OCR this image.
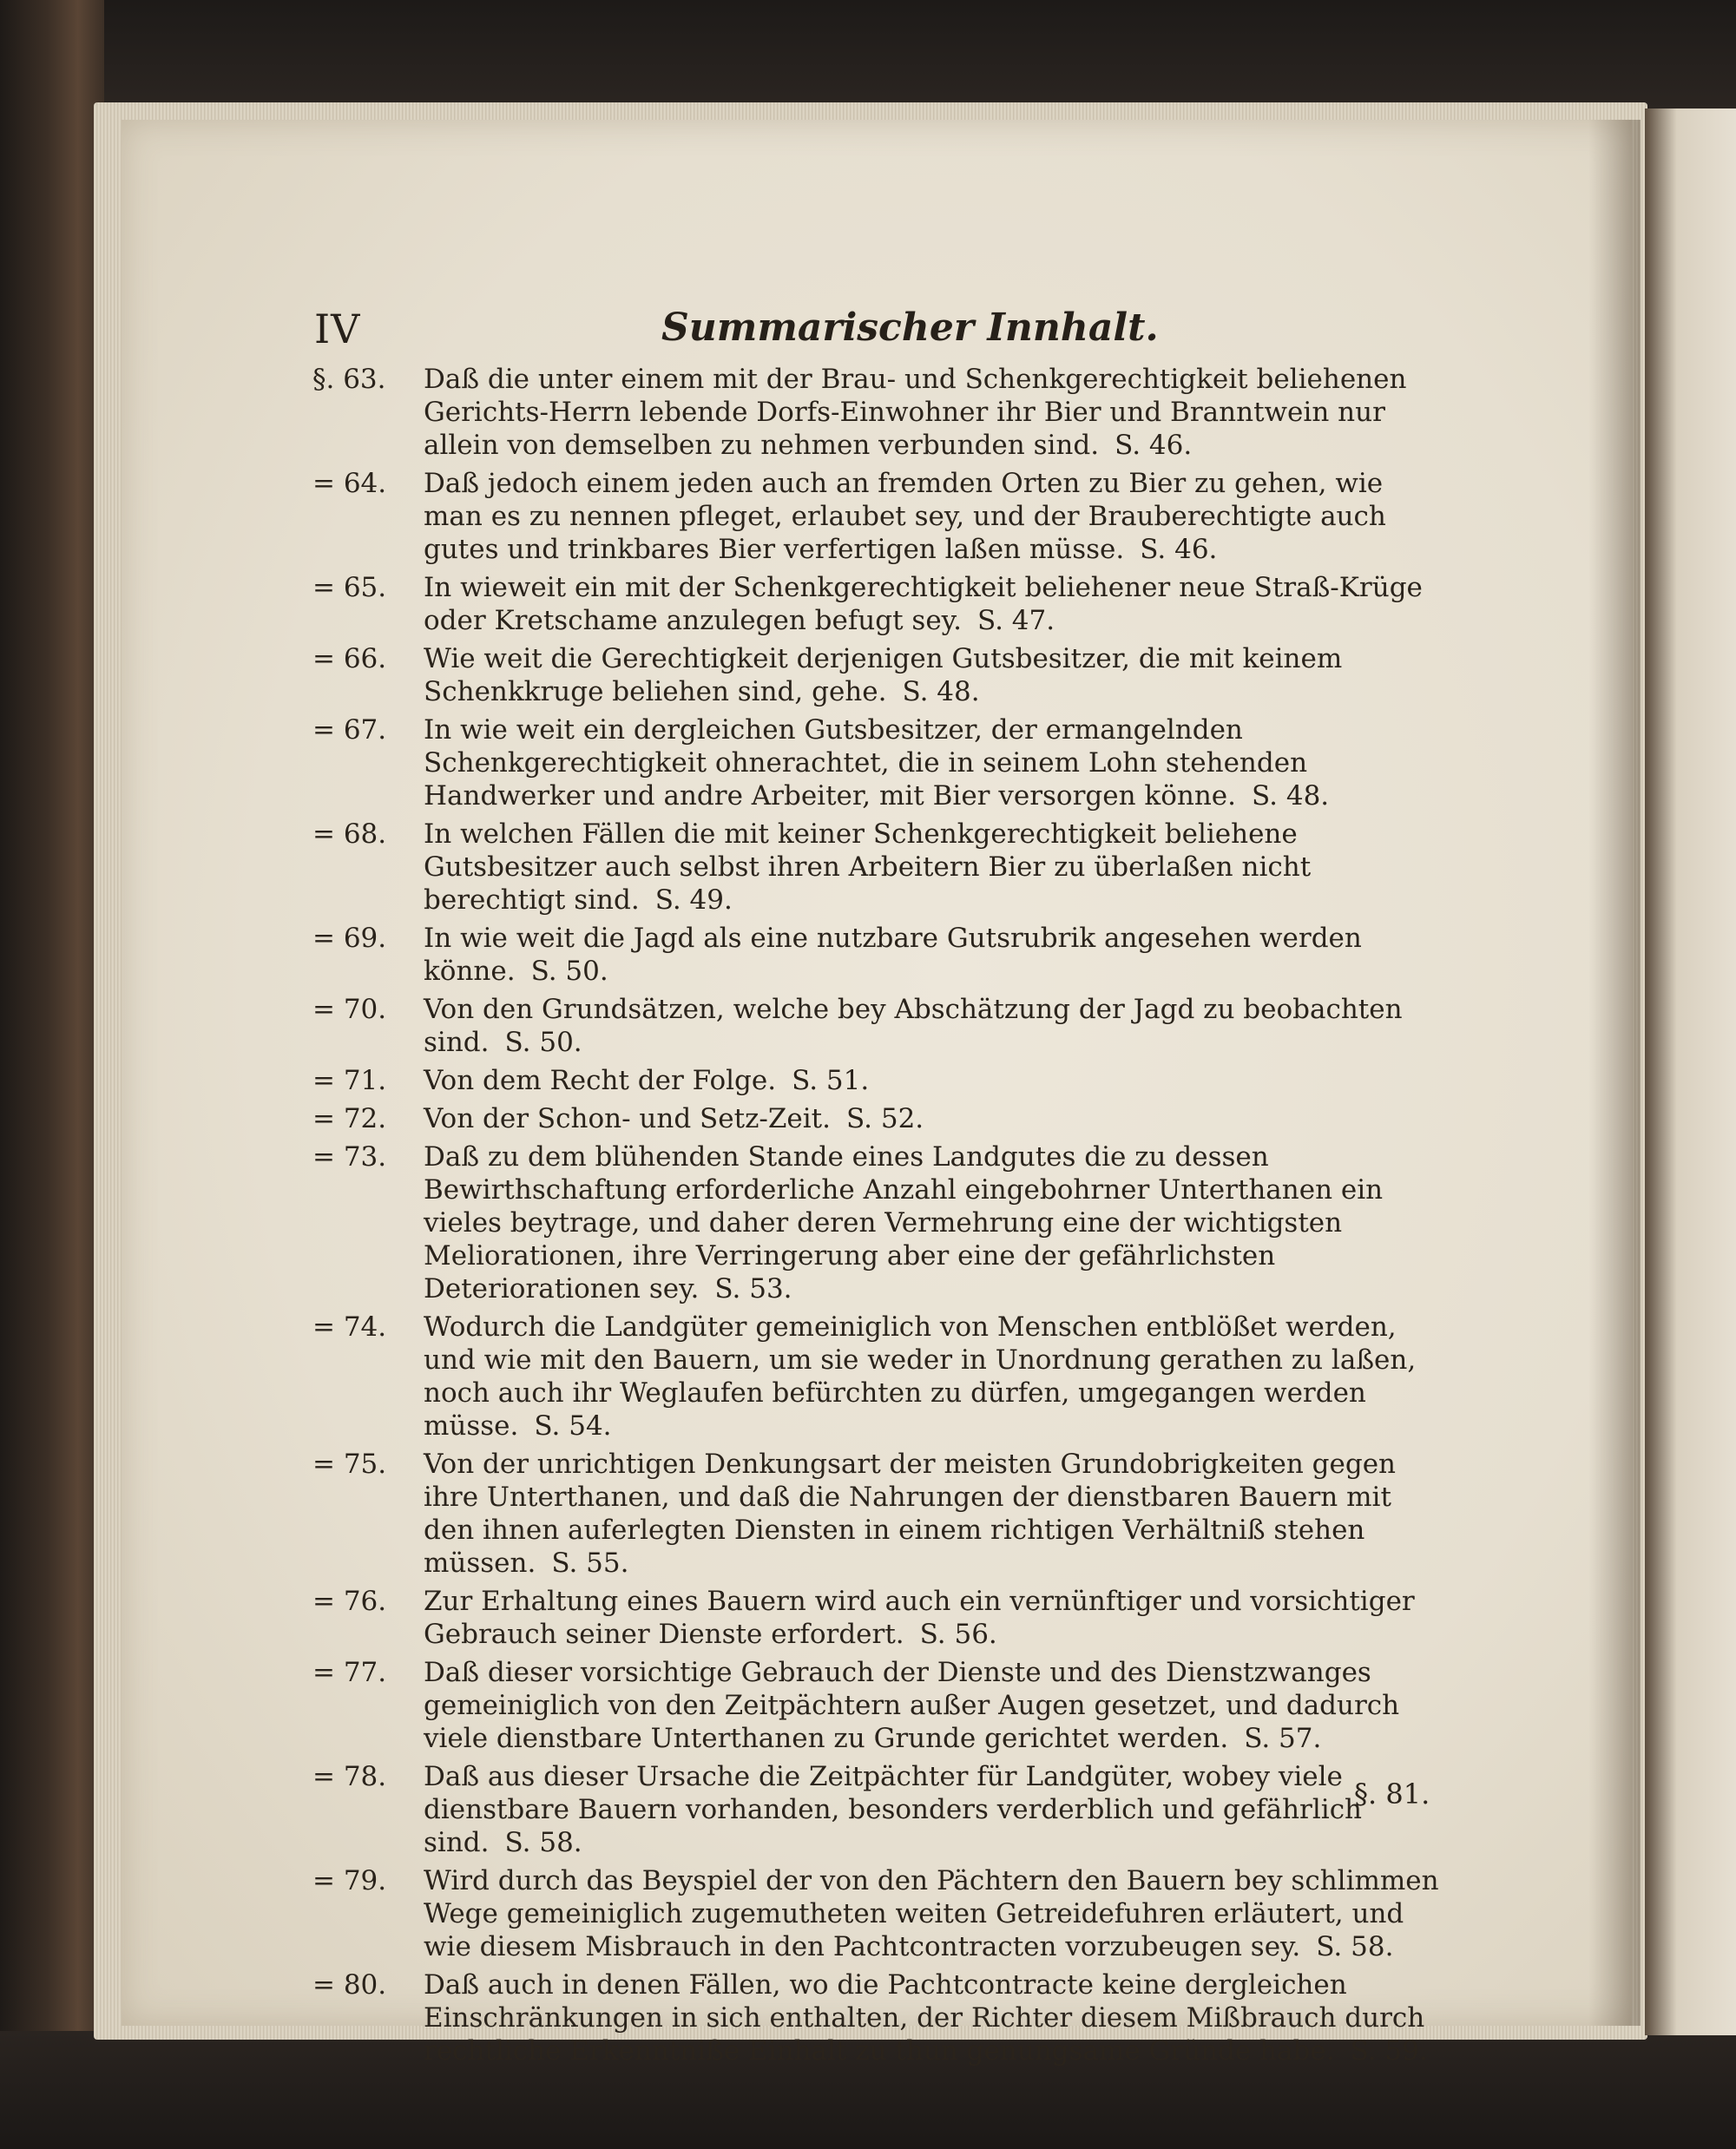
IV	Summarischer Innhalt.
§. 63.	Daß die unter einem mit der Brau- und Schenkgerechtigkeit beliehenen Gerichts-Herrn lebende Dorfs-Einwohner ihr Bier und Branntwein nur allein von demselben zu nehmen verbunden sind. S. 46.
= 64.	Daß jedoch einem jeden auch an fremden Orten zu Bier zu gehen, wie man es zu nennen pfleget, erlaubet sey, und der Brauberechtigte auch gutes und trinkbares Bier verfertigen laßen müsse. S. 46.
= 65.	In wieweit ein mit der Schenkgerechtigkeit beliehener neue Straß-Krüge oder Kretschame anzulegen befugt sey. S. 47.
= 66.	Wie weit die Gerechtigkeit derjenigen Gutsbesitzer, die mit keinem Schenkkruge beliehen sind, gehe. S. 48.
= 67.	In wie weit ein dergleichen Gutsbesitzer, der ermangelnden Schenkgerechtigkeit ohnerachtet, die in seinem Lohn stehenden Handwerker und andre Arbeiter, mit Bier versorgen könne. S. 48.
= 68.	In welchen Fällen die mit keiner Schenkgerechtigkeit beliehene Gutsbesitzer auch selbst ihren Arbeitern Bier zu überlaßen nicht berechtigt sind. S. 49.
= 69.	In wie weit die Jagd als eine nutzbare Gutsrubrik angesehen werden könne. S. 50.
= 70.	Von den Grundsätzen, welche bey Abschätzung der Jagd zu beobachten sind. S. 50.
= 71.	Von dem Recht der Folge. S. 51.
= 72.	Von der Schon- und Setz-Zeit. S. 52.
= 73.	Daß zu dem blühenden Stande eines Landgutes die zu dessen Bewirthschaftung erforderliche Anzahl eingebohrner Unterthanen ein vieles beytrage, und daher deren Vermehrung eine der wichtigsten Meliorationen, ihre Verringerung aber eine der gefährlichsten Deteriorationen sey. S. 53.
= 74.	Wodurch die Landgüter gemeiniglich von Menschen entblößet werden, und wie mit den Bauern, um sie weder in Unordnung gerathen zu laßen, noch auch ihr Weglaufen befürchten zu dürfen, umgegangen werden müsse. S. 54.
= 75.	Von der unrichtigen Denkungsart der meisten Grundobrigkeiten gegen ihre Unterthanen, und daß die Nahrungen der dienstbaren Bauern mit den ihnen auferlegten Diensten in einem richtigen Verhältniß stehen müssen. S. 55.
= 76.	Zur Erhaltung eines Bauern wird auch ein vernünftiger und vorsichtiger Gebrauch seiner Dienste erfordert. S. 56.
= 77.	Daß dieser vorsichtige Gebrauch der Dienste und des Dienstzwanges gemeiniglich von den Zeitpächtern außer Augen gesetzet, und dadurch viele dienstbare Unterthanen zu Grunde gerichtet werden. S. 57.
= 78.	Daß aus dieser Ursache die Zeitpächter für Landgüter, wobey viele dienstbare Bauern vorhanden, besonders verderblich und gefährlich sind. S. 58.
= 79.	Wird durch das Beyspiel der von den Pächtern den Bauern bey schlimmen Wege gemeiniglich zugemutheten weiten Getreidefuhren erläutert, und wie diesem Misbrauch in den Pachtcontracten vorzubeugen sey. S. 58.
= 80.	Daß auch in denen Fällen, wo die Pachtcontracte keine dergleichen Einschränkungen in sich enthalten, der Richter diesem Mißbrauch durch rechtliche Erkenntniße Einhalt zu thun genungsame Gründe habe. S. 59.
§. 81.
